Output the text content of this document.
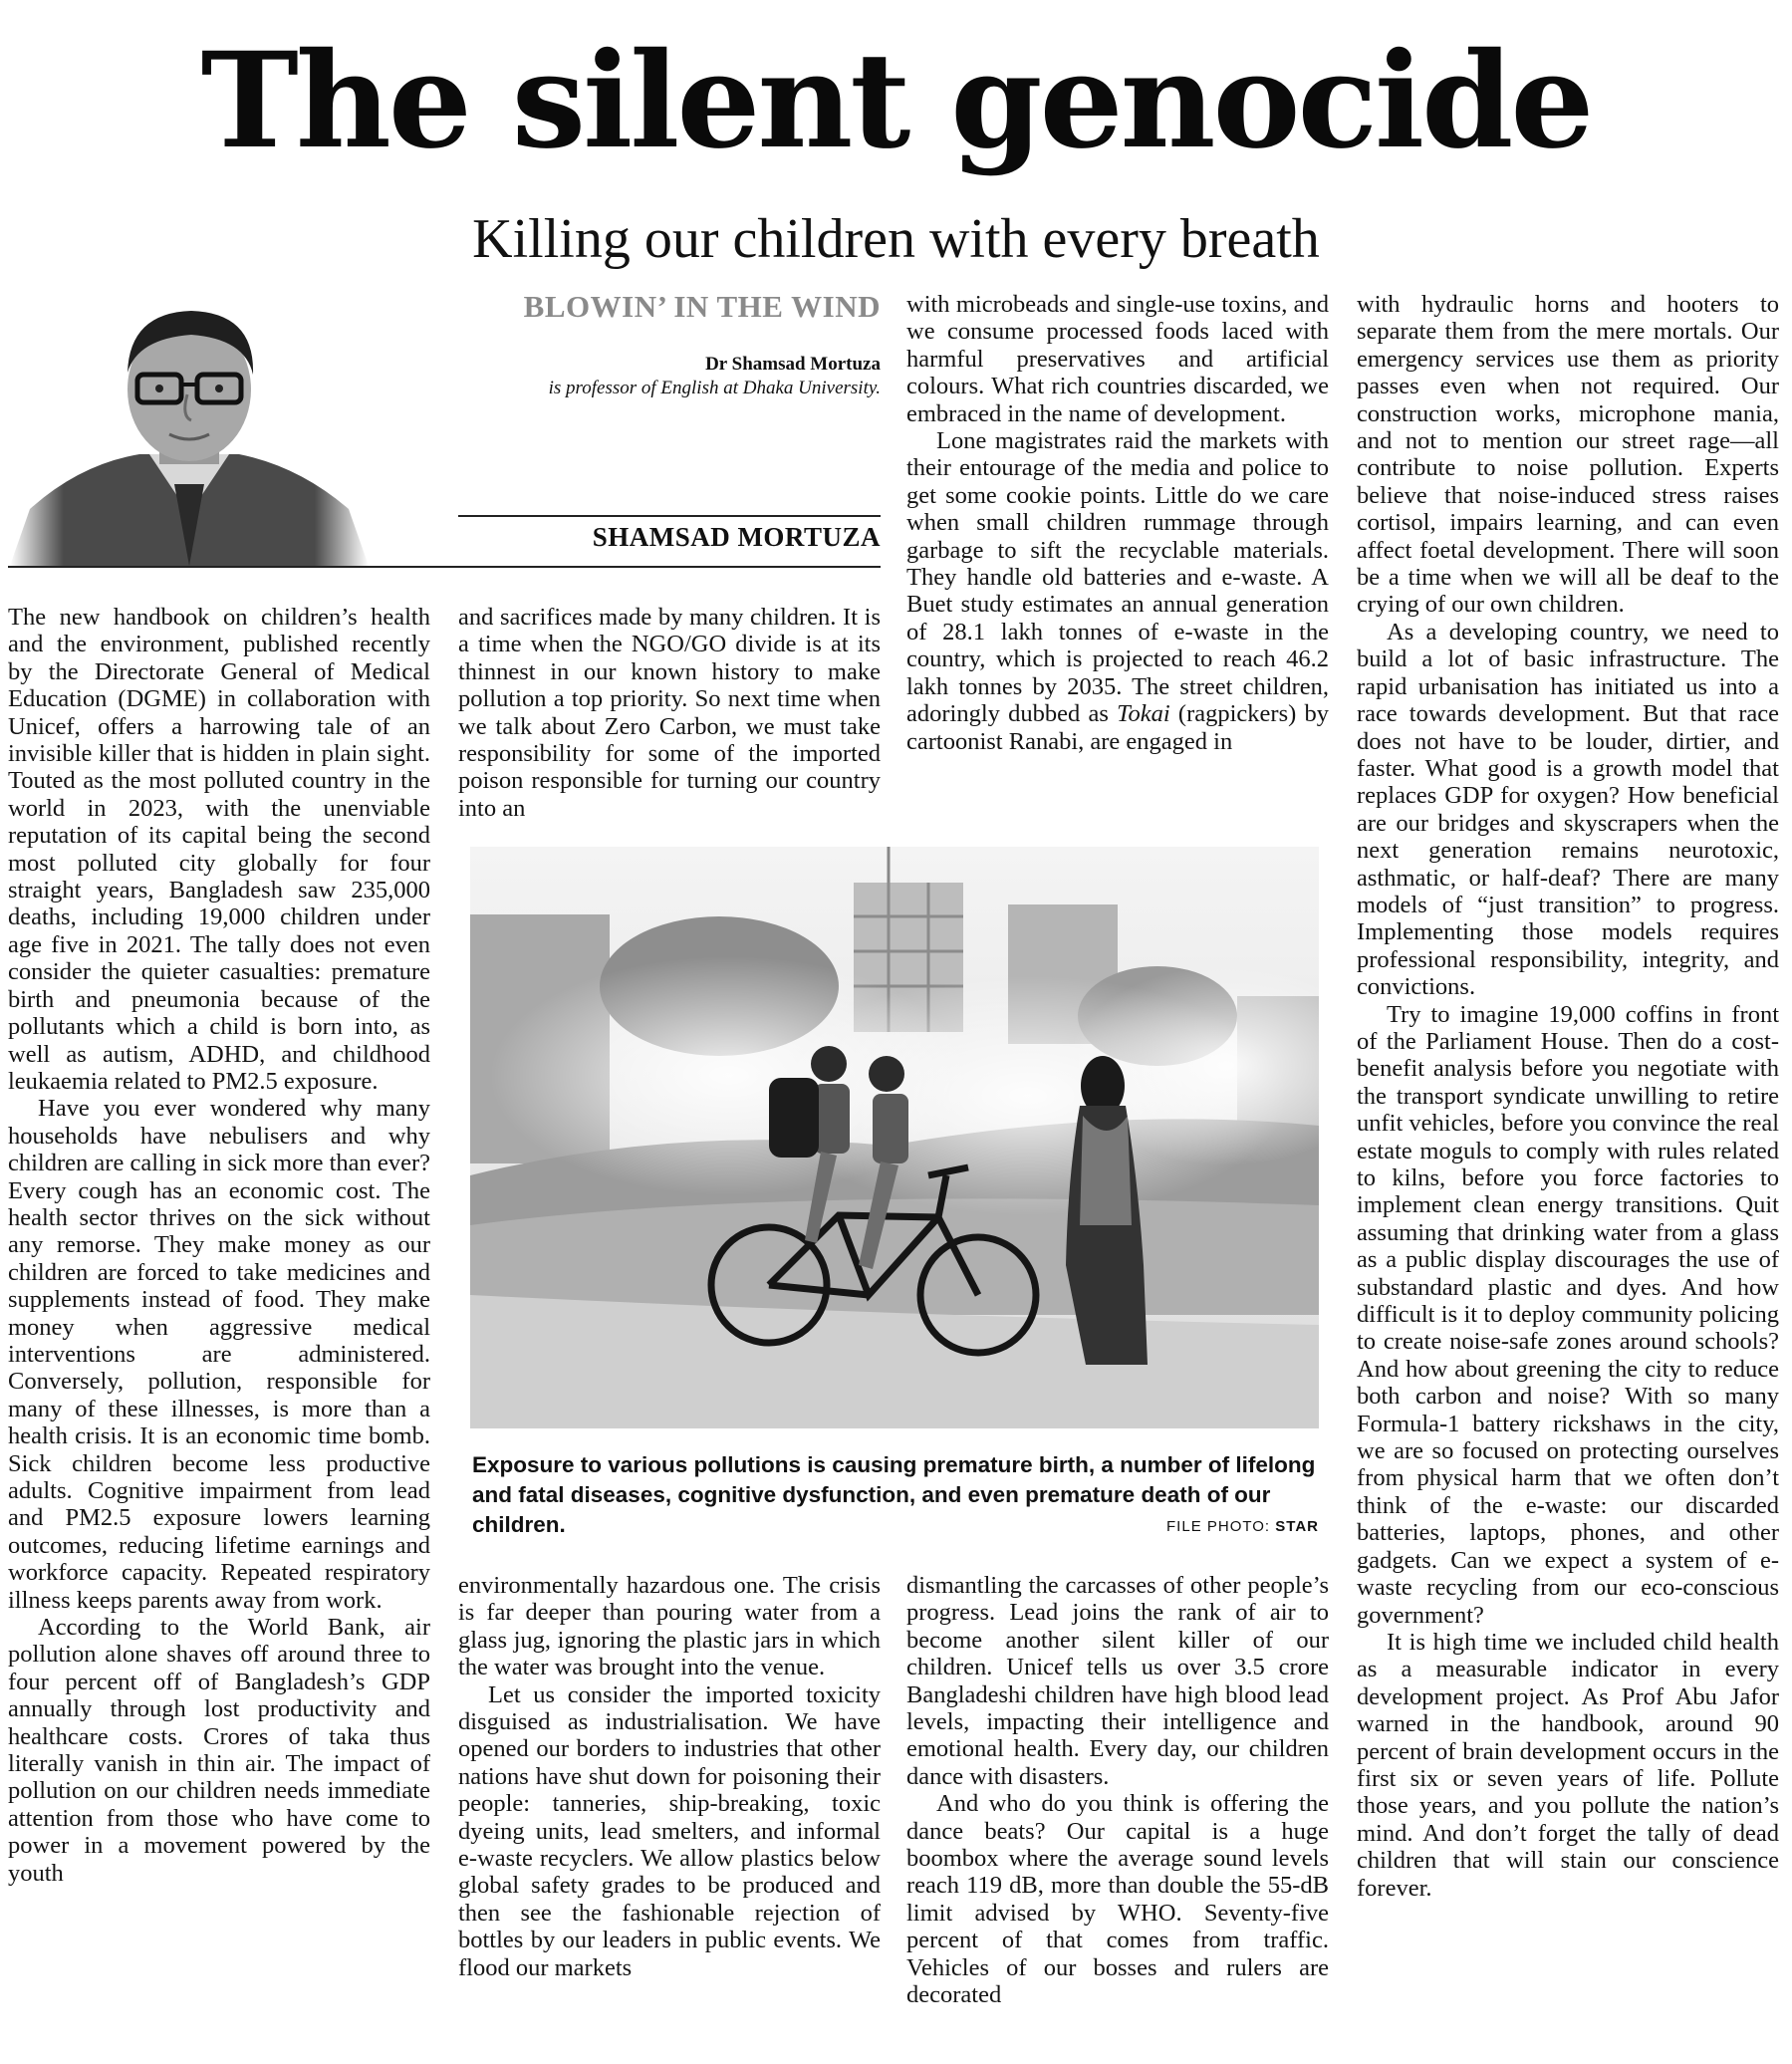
The silent genocide
Killing our children with every breath
BLOWIN’ IN THE WIND
Dr Shamsad Mortuza
is professor of English at Dhaka University.
SHAMSAD MORTUZA

The new handbook on children’s health and the environment, published recently by the Directorate General of Medical Education (DGME) in collaboration with Unicef, offers a harrowing tale of an invisible killer that is hidden in plain sight. Touted as the most polluted country in the world in 2023, with the unenviable reputation of its capital being the second most polluted city globally for four straight years, Bangladesh saw 235,000 deaths, including 19,000 children under age five in 2021. The tally does not even consider the quieter casualties: premature birth and pneumonia because of the pollutants which a child is born into, as well as autism, ADHD, and childhood leukaemia related to PM2.5 exposure.

Have you ever wondered why many households have nebulisers and why children are calling in sick more than ever? Every cough has an economic cost. The health sector thrives on the sick without any remorse. They make money as our children are forced to take medicines and supplements instead of food. They make money when aggressive medical interventions are administered. Conversely, pollution, responsible for many of these illnesses, is more than a health crisis. It is an economic time bomb. Sick children become less productive adults. Cognitive impairment from lead and PM2.5 exposure lowers learning outcomes, reducing lifetime earnings and workforce capacity. Repeated respiratory illness keeps parents away from work.

According to the World Bank, air pollution alone shaves off around three to four percent off of Bangladesh’s GDP annually through lost productivity and healthcare costs. Crores of taka thus literally vanish in thin air. The impact of pollution on our children needs immediate attention from those who have come to power in a movement powered by the youth

and sacrifices made by many children. It is a time when the NGO/GO divide is at its thinnest in our known history to make pollution a top priority. So next time when we talk about Zero Carbon, we must take responsibility for some of the imported poison responsible for turning our country into an

with microbeads and single-use toxins, and we consume processed foods laced with harmful preservatives and artificial colours. What rich countries discarded, we embraced in the name of development.

Lone magistrates raid the markets with their entourage of the media and police to get some cookie points. Little do we care when small children rummage through garbage to sift the recyclable materials. They handle old batteries and e-waste. A Buet study estimates an annual generation of 28.1 lakh tonnes of e-waste in the country, which is projected to reach 46.2 lakh tonnes by 2035. The street children, adoringly dubbed as Tokai (ragpickers) by cartoonist Ranabi, are engaged in

Exposure to various pollutions is causing premature birth, a number of lifelong and fatal diseases, cognitive dysfunction, and even premature death of our children.	FILE PHOTO: STAR

environmentally hazardous one. The crisis is far deeper than pouring water from a glass jug, ignoring the plastic jars in which the water was brought into the venue.

Let us consider the imported toxicity disguised as industrialisation. We have opened our borders to industries that other nations have shut down for poisoning their people: tanneries, ship-breaking, toxic dyeing units, lead smelters, and informal e-waste recyclers. We allow plastics below global safety grades to be produced and then see the fashionable rejection of bottles by our leaders in public events. We flood our markets

dismantling the carcasses of other people’s progress. Lead joins the rank of air to become another silent killer of our children. Unicef tells us over 3.5 crore Bangladeshi children have high blood lead levels, impacting their intelligence and emotional health. Every day, our children dance with disasters.

And who do you think is offering the dance beats? Our capital is a huge boombox where the average sound levels reach 119 dB, more than double the 55-dB limit advised by WHO. Seventy-five percent of that comes from traffic. Vehicles of our bosses and rulers are decorated

with hydraulic horns and hooters to separate them from the mere mortals. Our emergency services use them as priority passes even when not required. Our construction works, microphone mania, and not to mention our street rage—all contribute to noise pollution. Experts believe that noise-induced stress raises cortisol, impairs learning, and can even affect foetal development. There will soon be a time when we will all be deaf to the crying of our own children.

As a developing country, we need to build a lot of basic infrastructure. The rapid urbanisation has initiated us into a race towards development. But that race does not have to be louder, dirtier, and faster. What good is a growth model that replaces GDP for oxygen? How beneficial are our bridges and skyscrapers when the next generation remains neurotoxic, asthmatic, or half-deaf? There are many models of “just transition” to progress. Implementing those models requires professional responsibility, integrity, and convictions.

Try to imagine 19,000 coffins in front of the Parliament House. Then do a cost-benefit analysis before you negotiate with the transport syndicate unwilling to retire unfit vehicles, before you convince the real estate moguls to comply with rules related to kilns, before you force factories to implement clean energy transitions. Quit assuming that drinking water from a glass as a public display discourages the use of substandard plastic and dyes. And how difficult is it to deploy community policing to create noise-safe zones around schools? And how about greening the city to reduce both carbon and noise? With so many Formula-1 battery rickshaws in the city, we are so focused on protecting ourselves from physical harm that we often don’t think of the e-waste: our discarded batteries, laptops, phones, and other gadgets. Can we expect a system of e-waste recycling from our eco-conscious government?

It is high time we included child health as a measurable indicator in every development project. As Prof Abu Jafor warned in the handbook, around 90 percent of brain development occurs in the first six or seven years of life. Pollute those years, and you pollute the nation’s mind. And don’t forget the tally of dead children that will stain our conscience forever.
